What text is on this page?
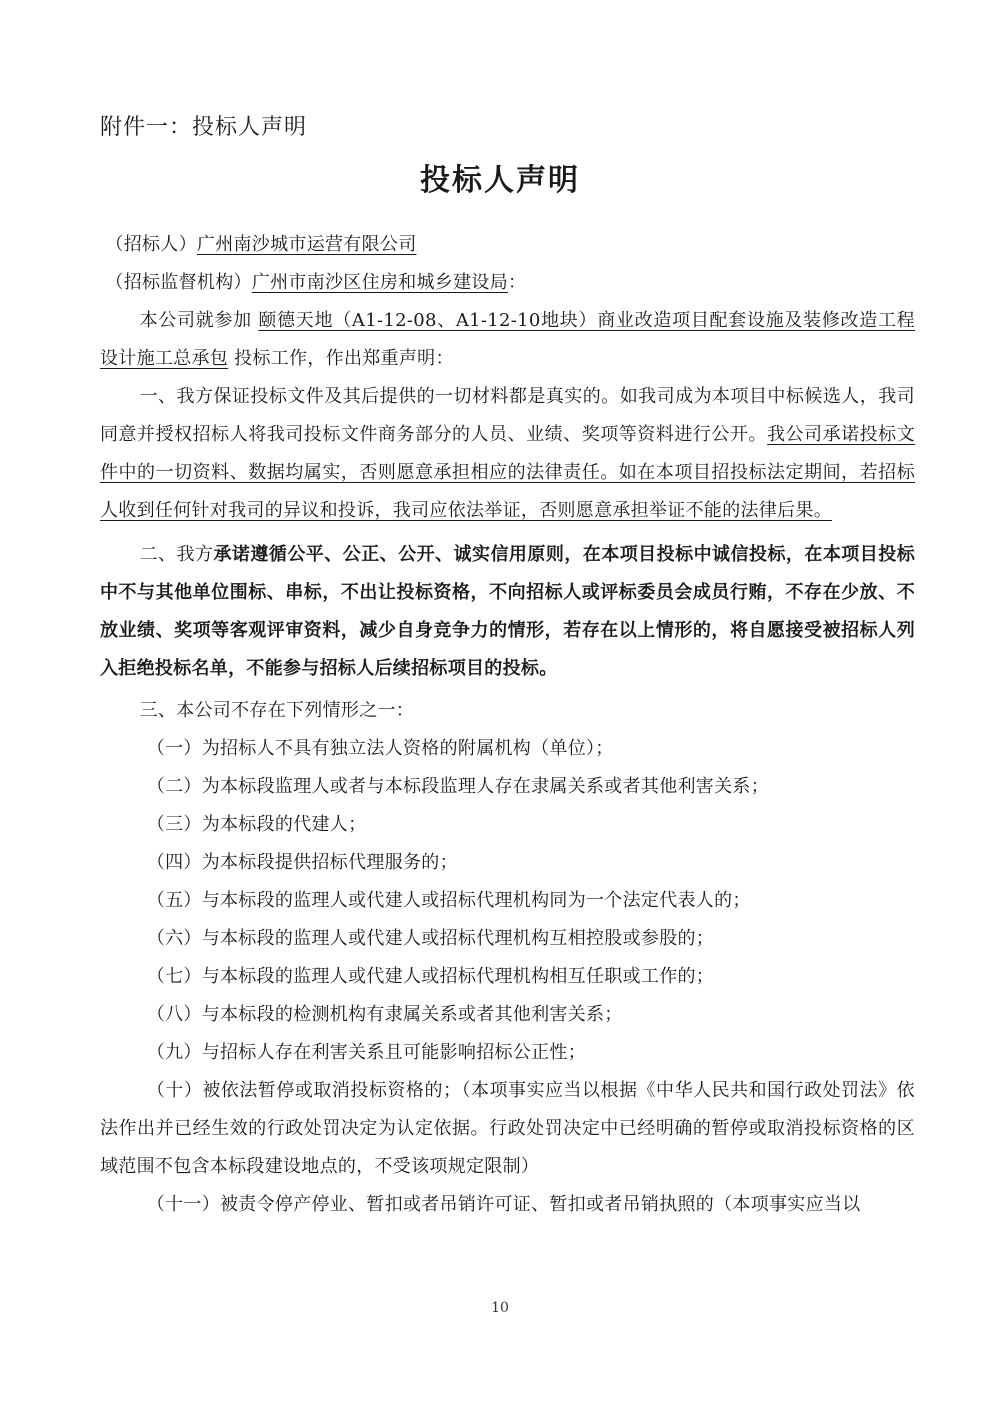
附件一：投标人声明
投标人声明

（招标人）广州南沙城市运营有限公司

（招标监督机构）广州市南沙区住房和城乡建设局：

本公司就参加 颐德天地（A1-12-08、A1-12-10地块）商业改造项目配套设施及装修改造工程设计施工总承包 投标工作，作出郑重声明：

一、我方保证投标文件及其后提供的一切材料都是真实的。如我司成为本项目中标候选人，我司同意并授权招标人将我司投标文件商务部分的人员、业绩、奖项等资料进行公开。我公司承诺投标文件中的一切资料、数据均属实，否则愿意承担相应的法律责任。如在本项目招投标法定期间，若招标人收到任何针对我司的异议和投诉，我司应依法举证，否则愿意承担举证不能的法律后果。

二、我方承诺遵循公平、公正、公开、诚实信用原则，在本项目投标中诚信投标，在本项目投标中不与其他单位围标、串标，不出让投标资格，不向招标人或评标委员会成员行贿，不存在少放、不放业绩、奖项等客观评审资料，减少自身竞争力的情形，若存在以上情形的，将自愿接受被招标人列入拒绝投标名单，不能参与招标人后续招标项目的投标。

三、本公司不存在下列情形之一：

（一）为招标人不具有独立法人资格的附属机构（单位）；

（二）为本标段监理人或者与本标段监理人存在隶属关系或者其他利害关系；

（三）为本标段的代建人；

（四）为本标段提供招标代理服务的；

（五）与本标段的监理人或代建人或招标代理机构同为一个法定代表人的；

（六）与本标段的监理人或代建人或招标代理机构互相控股或参股的；

（七）与本标段的监理人或代建人或招标代理机构相互任职或工作的；

（八）与本标段的检测机构有隶属关系或者其他利害关系；

（九）与招标人存在利害关系且可能影响招标公正性；

（十）被依法暂停或取消投标资格的；（本项事实应当以根据《中华人民共和国行政处罚法》依法作出并已经生效的行政处罚决定为认定依据。行政处罚决定中已经明确的暂停或取消投标资格的区域范围不包含本标段建设地点的，不受该项规定限制）

（十一）被责令停产停业、暂扣或者吊销许可证、暂扣或者吊销执照的（本项事实应当以

10
